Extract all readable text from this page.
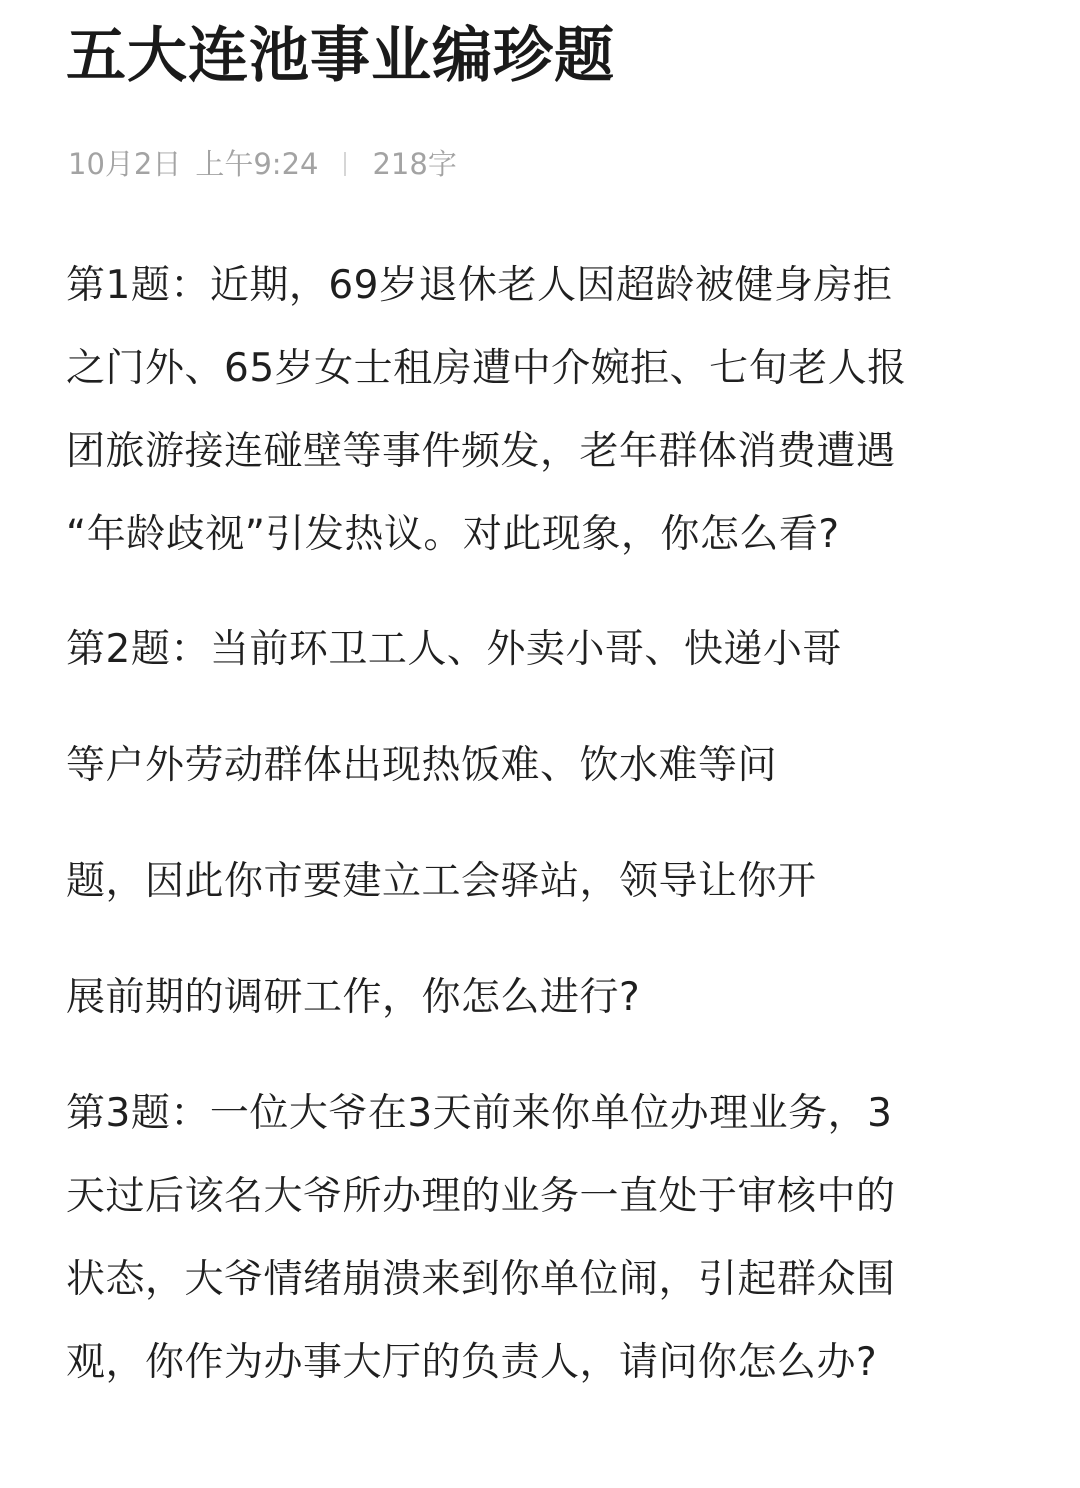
五大连池事业编珍题
10月2日 上午9:24 218字
第1题：近期，69岁退休老人因超龄被健身房拒
之门外、65岁女士租房遭中介婉拒、七旬老人报
团旅游接连碰壁等事件频发，老年群体消费遭遇
“年龄歧视”引发热议。对此现象，你怎么看?
第2题：当前环卫工人、外卖小哥、快递小哥
等户外劳动群体出现热饭难、饮水难等问
题，因此你市要建立工会驿站，领导让你开
展前期的调研工作，你怎么进行?
第3题：一位大爷在3天前来你单位办理业务，3
天过后该名大爷所办理的业务一直处于审核中的
状态，大爷情绪崩溃来到你单位闹，引起群众围
观，你作为办事大厅的负责人，请问你怎么办?
